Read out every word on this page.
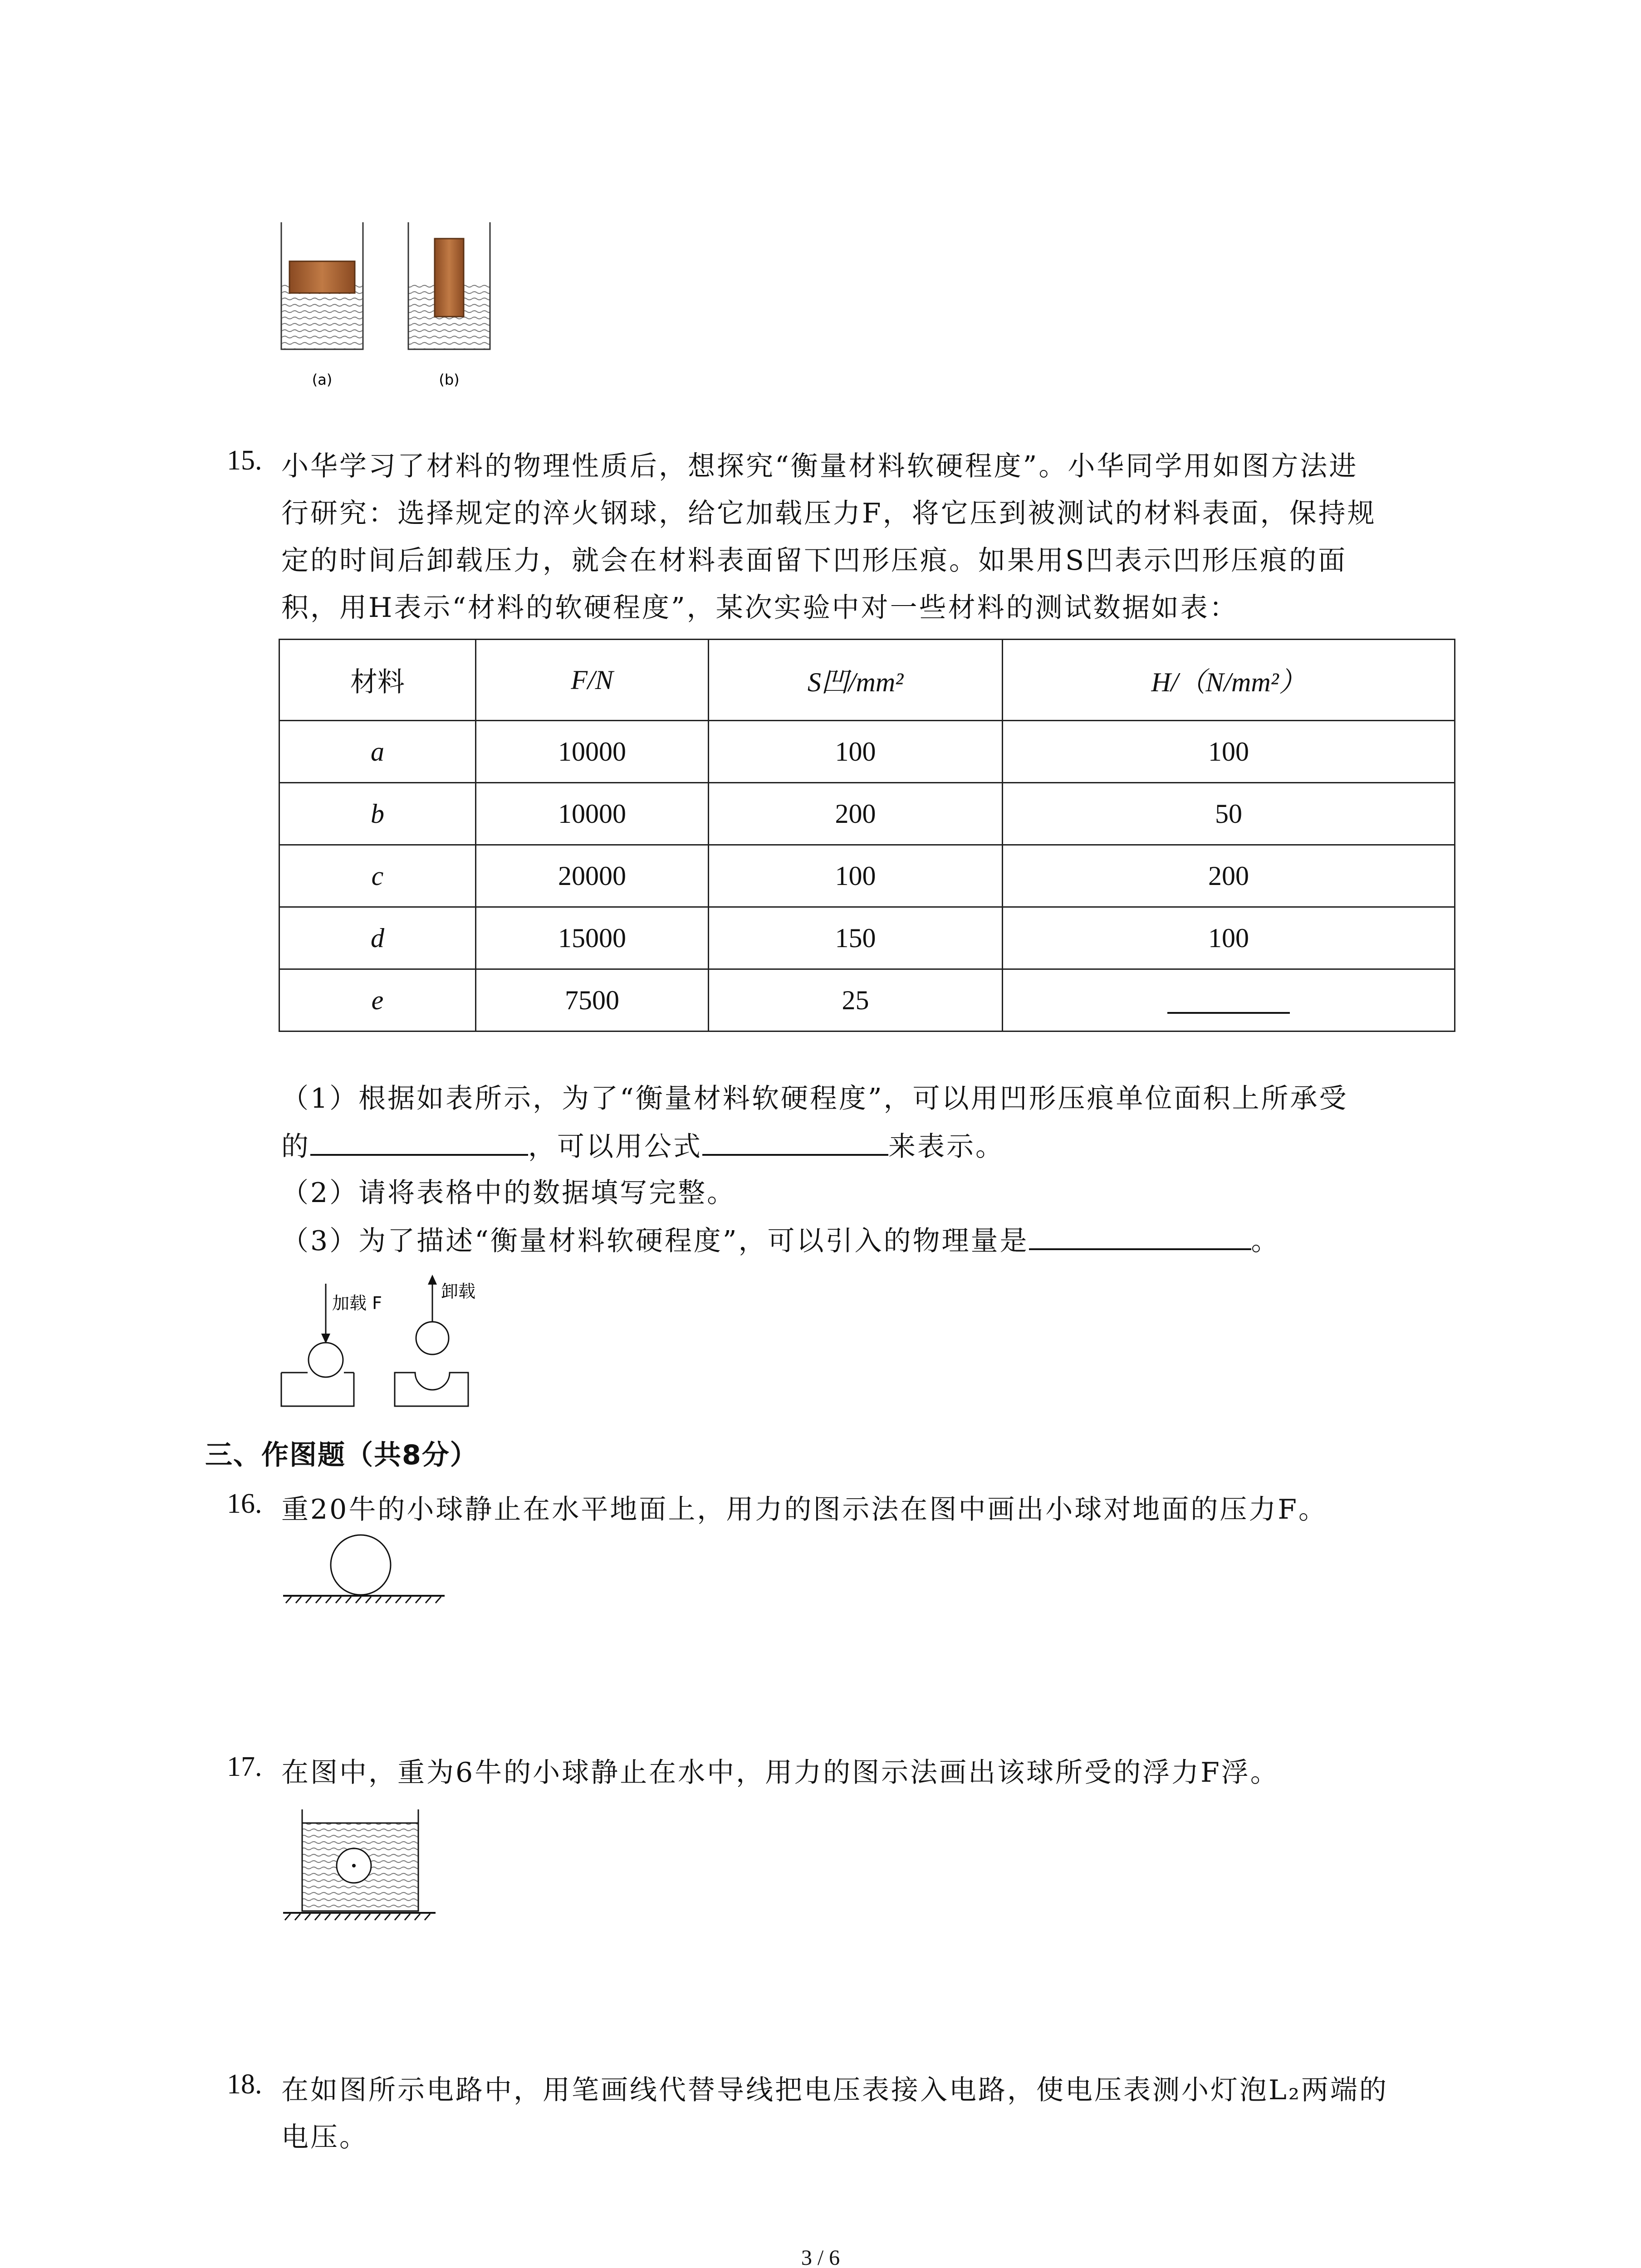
(a)	(b)
15. 小华学习了材料的物理性质后，想探究“衡量材料软硬程度”。小华同学用如图方法进
行研究：选择规定的淬火钢球，给它加载压力F，将它压到被测试的材料表面，保持规
定的时间后卸载压力，就会在材料表面留下凹形压痕。如果用S凹表示凹形压痕的面
积，用H表示“材料的软硬程度”，某次实验中对一些材料的测试数据如表：
材料	F/N	S凹/mm²	H/（N/mm²）
a	10000	100	100
b	10000	200	50
c	20000	100	200
d	15000	150	100
e	7500	25	
（1）根据如表所示，为了“衡量材料软硬程度”，可以用凹形压痕单位面积上所承受
的	，可以用公式	来表示。
（2）请将表格中的数据填写完整。
（3）为了描述“衡量材料软硬程度”，可以引入的物理量是	。
加载 F
卸载
三、作图题（共8分）
16. 重20牛的小球静止在水平地面上，用力的图示法在图中画出小球对地面的压力F。
17. 在图中，重为6牛的小球静止在水中，用力的图示法画出该球所受的浮力F浮。
18. 在如图所示电路中，用笔画线代替导线把电压表接入电路，使电压表测小灯泡L₂两端的
电压。
3 / 6
